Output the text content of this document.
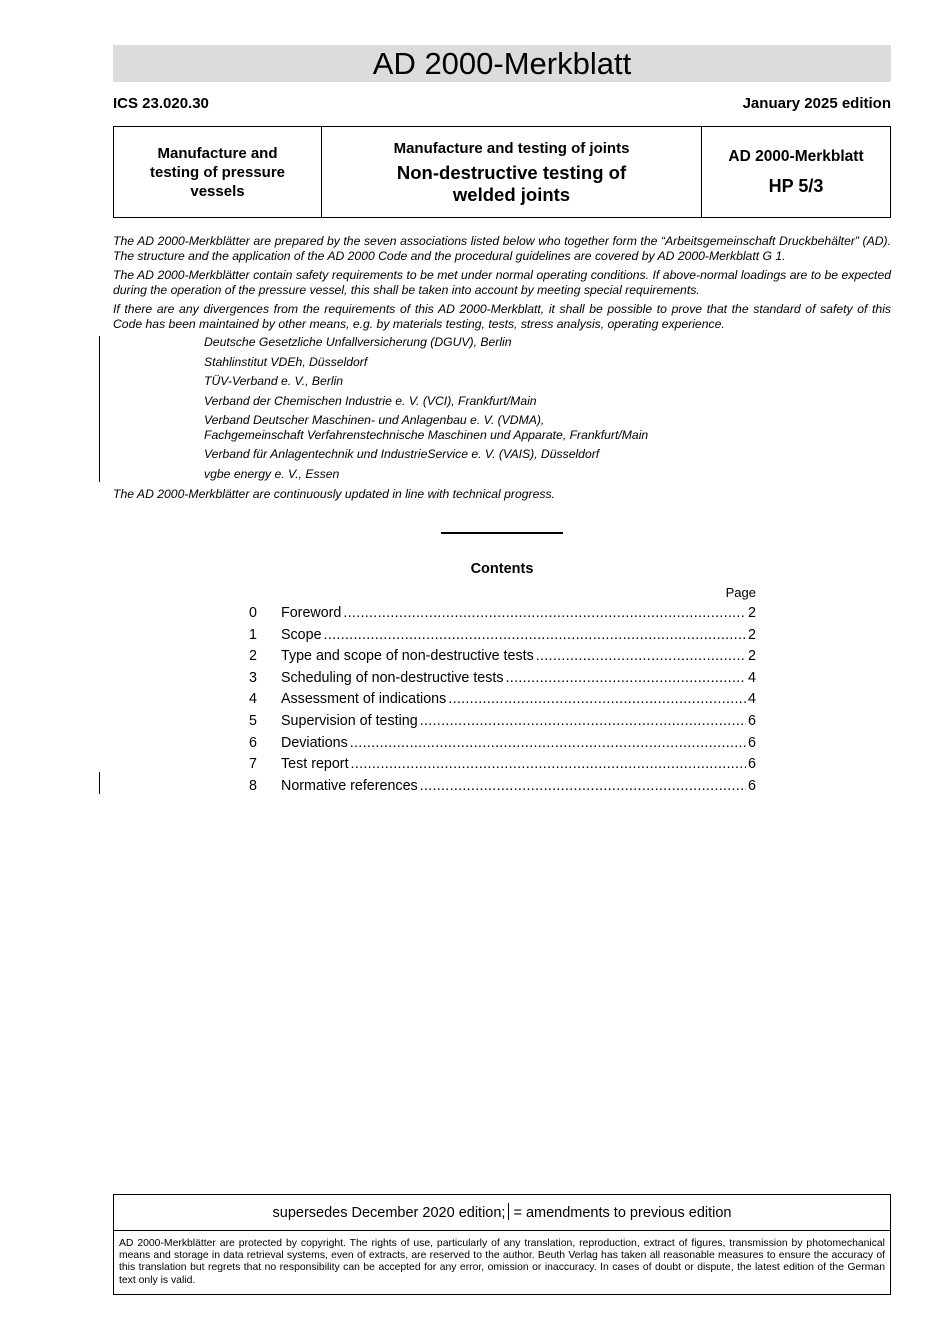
AD 2000-Merkblatt
ICS 23.020.30	January 2025 edition
Manufacture and testing of pressure vessels
Manufacture and testing of joints
Non-destructive testing of welded joints
AD 2000-Merkblatt
HP 5/3

The AD 2000-Merkblätter are prepared by the seven associations listed below who together form the “Arbeitsgemeinschaft Druckbehälter” (AD). The structure and the application of the AD 2000 Code and the procedural guidelines are covered by AD 2000-Merkblatt G 1.

The AD 2000-Merkblätter contain safety requirements to be met under normal operating conditions. If above-normal loadings are to be expected during the operation of the pressure vessel, this shall be taken into account by meeting special requirements.

If there are any divergences from the requirements of this AD 2000-Merkblatt, it shall be possible to prove that the standard of safety of this Code has been maintained by other means, e.g. by materials testing, tests, stress analysis, operating experience.

Deutsche Gesetzliche Unfallversicherung (DGUV), Berlin
Stahlinstitut VDEh, Düsseldorf
TÜV-Verband e. V., Berlin
Verband der Chemischen Industrie e. V. (VCI), Frankfurt/Main
Verband Deutscher Maschinen- und Anlagenbau e. V. (VDMA),
Fachgemeinschaft Verfahrenstechnische Maschinen und Apparate, Frankfurt/Main
Verband für Anlagentechnik und IndustrieService e. V. (VAIS), Düsseldorf
vgbe energy e. V., Essen
The AD 2000-Merkblätter are continuously updated in line with technical progress.
Contents
Page
0	Foreword .....	2
1	Scope .....	2
2	Type and scope of non-destructive tests .....	2
3	Scheduling of non-destructive tests .....	4
4	Assessment of indications .....	4
5	Supervision of testing .....	6
6	Deviations .....	6
7	Test report .....	6
8	Normative references .....	6
supersedes December 2020 edition; = amendments to previous edition
AD 2000-Merkblätter are protected by copyright. The rights of use, particularly of any translation, reproduction, extract of figures, transmission by photomechanical means and storage in data retrieval systems, even of extracts, are reserved to the author. Beuth Verlag has taken all reasonable measures to ensure the accuracy of this translation but regrets that no responsibility can be accepted for any error, omission or inaccuracy. In cases of doubt or dispute, the latest edition of the German text only is valid.
